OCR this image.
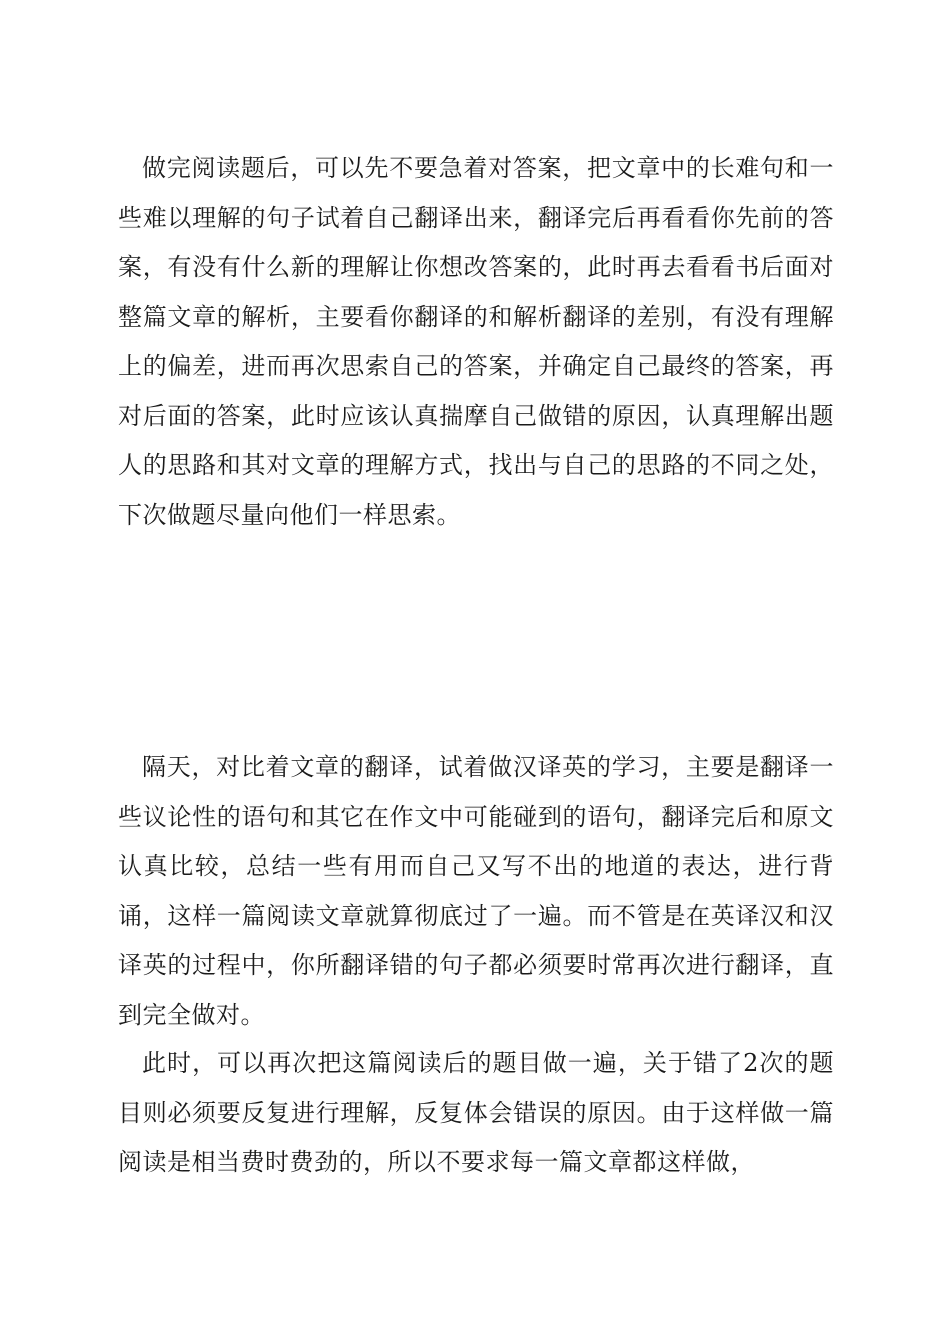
做完阅读题后，可以先不要急着对答案，把文章中的长难句和一些难以理解的句子试着自己翻译出来，翻译完后再看看你先前的答案，有没有什么新的理解让你想改答案的，此时再去看看书后面对整篇文章的解析，主要看你翻译的和解析翻译的差别，有没有理解上的偏差，进而再次思索自己的答案，并确定自己最终的答案，再对后面的答案，此时应该认真揣摩自己做错的原因，认真理解出题人的思路和其对文章的理解方式，找出与自己的思路的不同之处，下次做题尽量向他们一样思索。

隔天，对比着文章的翻译，试着做汉译英的学习，主要是翻译一些议论性的语句和其它在作文中可能碰到的语句，翻译完后和原文认真比较，总结一些有用而自己又写不出的地道的表达，进行背诵，这样一篇阅读文章就算彻底过了一遍。而不管是在英译汉和汉译英的过程中，你所翻译错的句子都必须要时常再次进行翻译，直到完全做对。

此时，可以再次把这篇阅读后的题目做一遍，关于错了2次的题目则必须要反复进行理解，反复体会错误的原因。由于这样做一篇阅读是相当费时费劲的，所以不要求每一篇文章都这样做，
